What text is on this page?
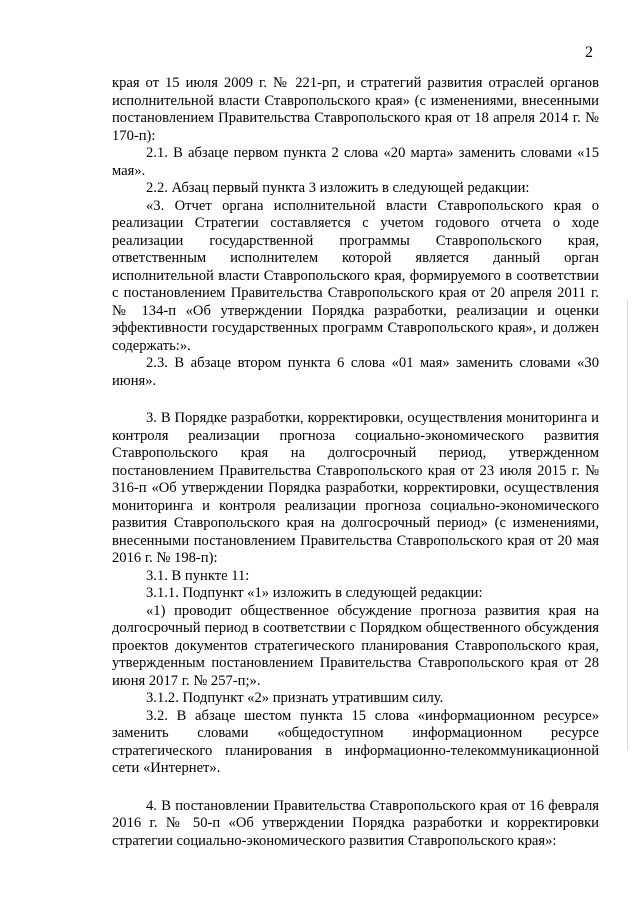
2

края от 15 июля 2009 г. № 221-рп, и стратегий развития отраслей органов исполнительной власти Ставропольского края» (с изменениями, внесенными постановлением Правительства Ставропольского края от 18 апреля 2014 г. № 170-п):

2.1. В абзаце первом пункта 2 слова «20 марта» заменить словами «15 мая».

2.2. Абзац первый пункта 3 изложить в следующей редакции:

«3. Отчет органа исполнительной власти Ставропольского края о реализации Стратегии составляется с учетом годового отчета о ходе реализации государственной программы Ставропольского края, ответственным исполнителем которой является данный орган исполнительной власти Ставропольского края, формируемого в соответствии с постановлением Правительства Ставропольского края от 20 апреля 2011 г. № 134-п «Об утверждении Порядка разработки, реализации и оценки эффективности государственных программ Ставропольского края», и должен содержать:».

2.3. В абзаце втором пункта 6 слова «01 мая» заменить словами «30 июня».

3. В Порядке разработки, корректировки, осуществления мониторинга и контроля реализации прогноза социально-экономического развития Ставропольского края на долгосрочный период, утвержденном постановлением Правительства Ставропольского края от 23 июля 2015 г. № 316-п «Об утверждении Порядка разработки, корректировки, осуществления мониторинга и контроля реализации прогноза социально-экономического развития Ставропольского края на долгосрочный период» (с изменениями, внесенными постановлением Правительства Ставропольского края от 20 мая 2016 г. № 198-п):

3.1. В пункте 11:

3.1.1. Подпункт «1» изложить в следующей редакции:

«1) проводит общественное обсуждение прогноза развития края на долгосрочный период в соответствии с Порядком общественного обсуждения проектов документов стратегического планирования Ставропольского края, утвержденным постановлением Правительства Ставропольского края от 28 июня 2017 г. № 257-п;».

3.1.2. Подпункт «2» признать утратившим силу.

3.2. В абзаце шестом пункта 15 слова «информационном ресурсе» заменить словами «общедоступном информационном ресурсе стратегического планирования в информационно-телекоммуникационной сети «Интернет».

4. В постановлении Правительства Ставропольского края от 16 февраля 2016 г. № 50-п «Об утверждении Порядка разработки и корректировки стратегии социально-экономического развития Ставропольского края»:
